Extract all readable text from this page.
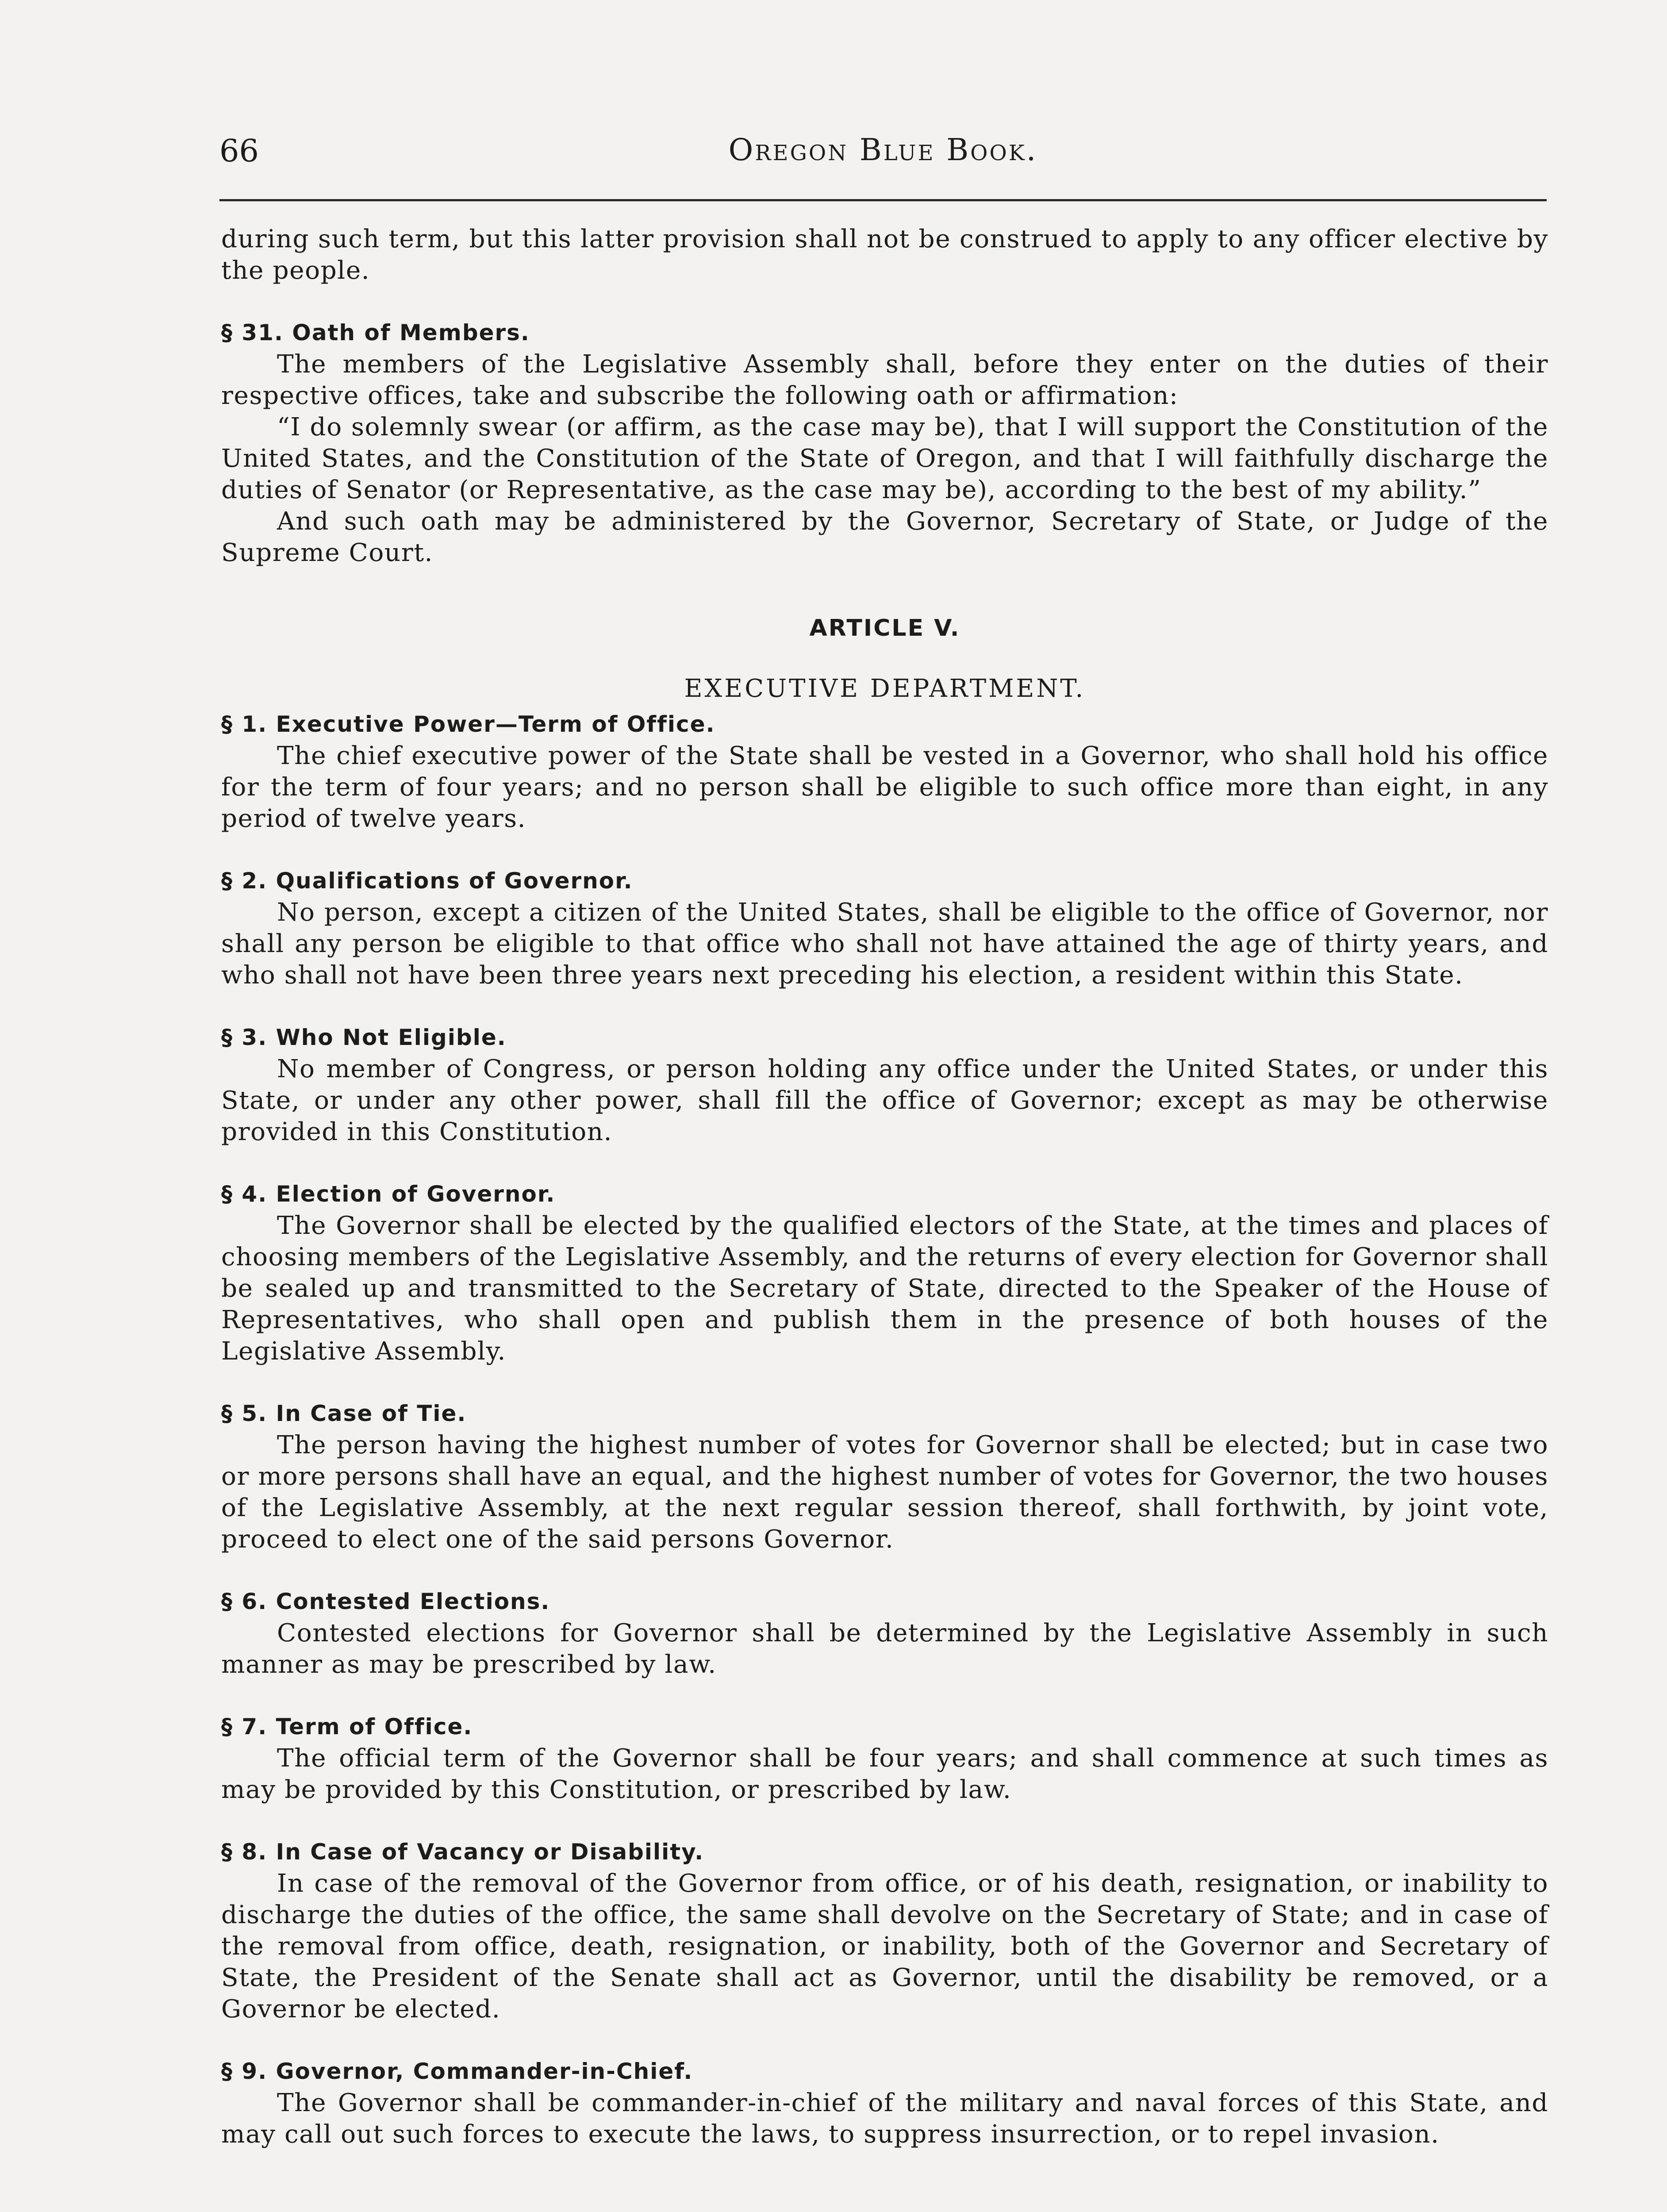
66	Oregon Blue Book.

during such term, but this latter provision shall not be construed to apply to any officer elective by the people.

§ 31. Oath of Members.

The members of the Legislative Assembly shall, before they enter on the duties of their respective offices, take and subscribe the following oath or affirmation:

“I do solemnly swear (or affirm, as the case may be), that I will support the Constitution of the United States, and the Constitution of the State of Oregon, and that I will faithfully discharge the duties of Senator (or Representative, as the case may be), according to the best of my ability.”

And such oath may be administered by the Governor, Secretary of State, or Judge of the Supreme Court.

ARTICLE V.

EXECUTIVE DEPARTMENT.

§ 1. Executive Power—Term of Office.

The chief executive power of the State shall be vested in a Governor, who shall hold his office for the term of four years; and no person shall be eligible to such office more than eight, in any period of twelve years.

§ 2. Qualifications of Governor.

No person, except a citizen of the United States, shall be eligible to the office of Governor, nor shall any person be eligible to that office who shall not have attained the age of thirty years, and who shall not have been three years next preceding his election, a resident within this State.

§ 3. Who Not Eligible.

No member of Congress, or person holding any office under the United States, or under this State, or under any other power, shall fill the office of Governor; except as may be otherwise provided in this Constitution.

§ 4. Election of Governor.

The Governor shall be elected by the qualified electors of the State, at the times and places of choosing members of the Legislative Assembly, and the returns of every election for Governor shall be sealed up and transmitted to the Secretary of State, directed to the Speaker of the House of Representatives, who shall open and publish them in the presence of both houses of the Legislative Assembly.

§ 5. In Case of Tie.

The person having the highest number of votes for Governor shall be elected; but in case two or more persons shall have an equal, and the highest number of votes for Governor, the two houses of the Legislative Assembly, at the next regular session thereof, shall forthwith, by joint vote, proceed to elect one of the said persons Governor.

§ 6. Contested Elections.

Contested elections for Governor shall be determined by the Legislative Assembly in such manner as may be prescribed by law.

§ 7. Term of Office.

The official term of the Governor shall be four years; and shall commence at such times as may be provided by this Constitution, or prescribed by law.

§ 8. In Case of Vacancy or Disability.

In case of the removal of the Governor from office, or of his death, resignation, or inability to discharge the duties of the office, the same shall devolve on the Secretary of State; and in case of the removal from office, death, resignation, or inability, both of the Governor and Secretary of State, the President of the Senate shall act as Governor, until the disability be removed, or a Governor be elected.

§ 9. Governor, Commander-in-Chief.

The Governor shall be commander-in-chief of the military and naval forces of this State, and may call out such forces to execute the laws, to suppress insurrection, or to repel invasion.
